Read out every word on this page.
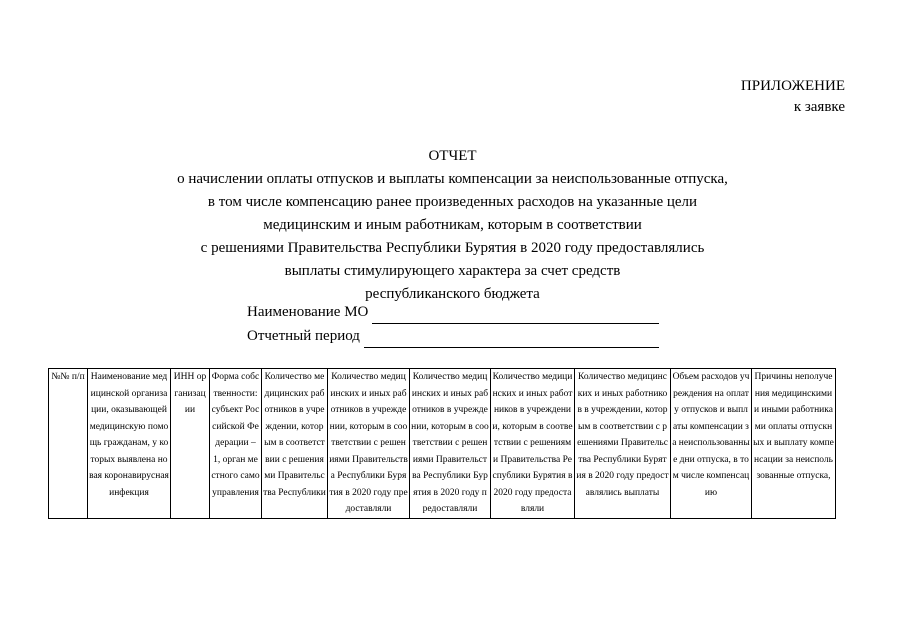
ПРИЛОЖЕНИЕ
к заявке
ОТЧЕТ
о начислении оплаты отпусков и выплаты компенсации за неиспользованные отпуска,
в том числе компенсацию ранее произведенных расходов на указанные цели
медицинским и иным работникам, которым в соответствии
с решениями Правительства Республики Бурятия в 2020 году предоставлялись
выплаты стимулирующего характера за счет средств
республиканского бюджета
Наименование МО
Отчетный период
№№ п/п	Наименование медицинской организации, оказывающей медицинскую помощь гражданам, у которых выявлена новая коронавирусная инфекция	ИНН организации	Форма собственности: субъект Российской Федерации – 1, орган местного самоуправления	Количество медицинских работников в учреждении, которым в соответствии с решениями Правительства Республики	Количество медицинских и иных работников в учреждении, которым в соответствии с решениями Правительства Республики Бурятия в 2020 году предоставляли	Количество медицинских и иных работников в учреждении, которым в соответствии с решениями Правительства Республики Бурятия в 2020 году предоставляли	Количество медицинских и иных работников в учреждении, которым в соответствии с решениями Правительства Республики Бурятия в 2020 году предоставляли	Количество медицинских и иных работников в учреждении, которым в соответствии с решениями Правительства Республики Бурятия в 2020 году предоставлялись выплаты	Объем расходов учреждения на оплату отпусков и выплаты компенсации за неиспользованные дни отпуска, в том числе компенсацию	Причины неполучения медицинскими и иными работниками оплаты отпускных и выплату компенсации за неиспользованные отпуска,
